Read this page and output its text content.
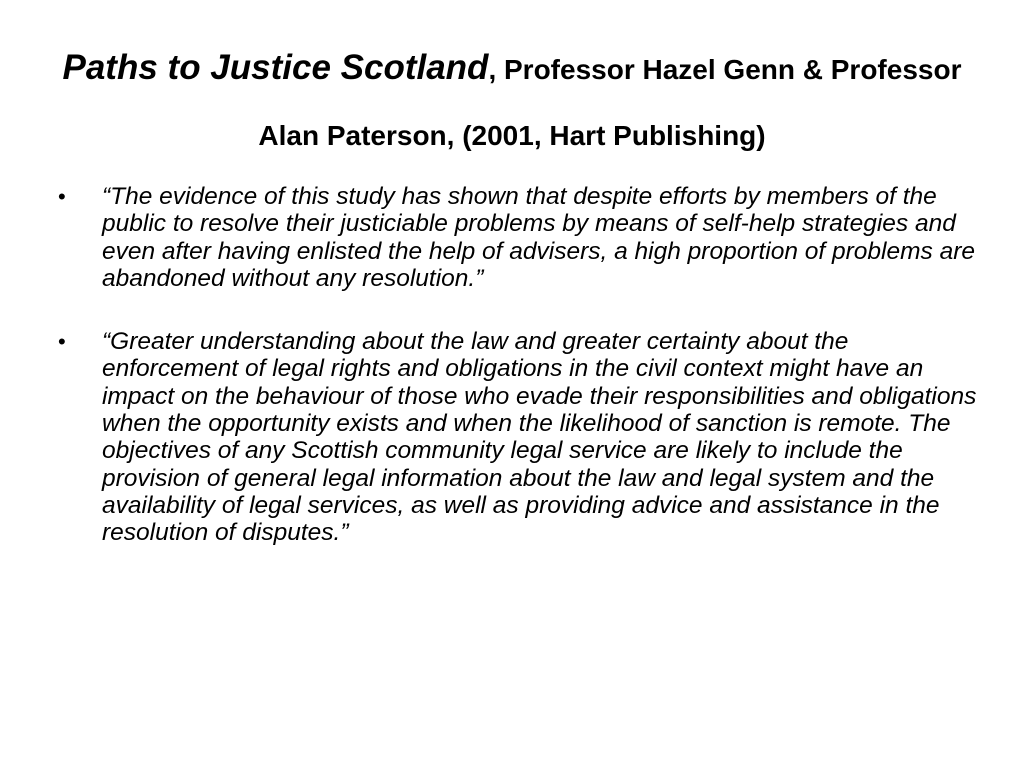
Paths to Justice Scotland, Professor Hazel Genn & Professor Alan Paterson, (2001, Hart Publishing)
• “The evidence of this study has shown that despite efforts by members of the public to resolve their justiciable problems by means of self-help strategies and even after having enlisted the help of advisers, a high proportion of problems are abandoned without any resolution.”
• “Greater understanding about the law and greater certainty about the enforcement of legal rights and obligations in the civil context might have an impact on the behaviour of those who evade their responsibilities and obligations when the opportunity exists and when the likelihood of sanction is remote. The objectives of any Scottish community legal service are likely to include the provision of general legal information about the law and legal system and the availability of legal services, as well as providing advice and assistance in the resolution of disputes.”
